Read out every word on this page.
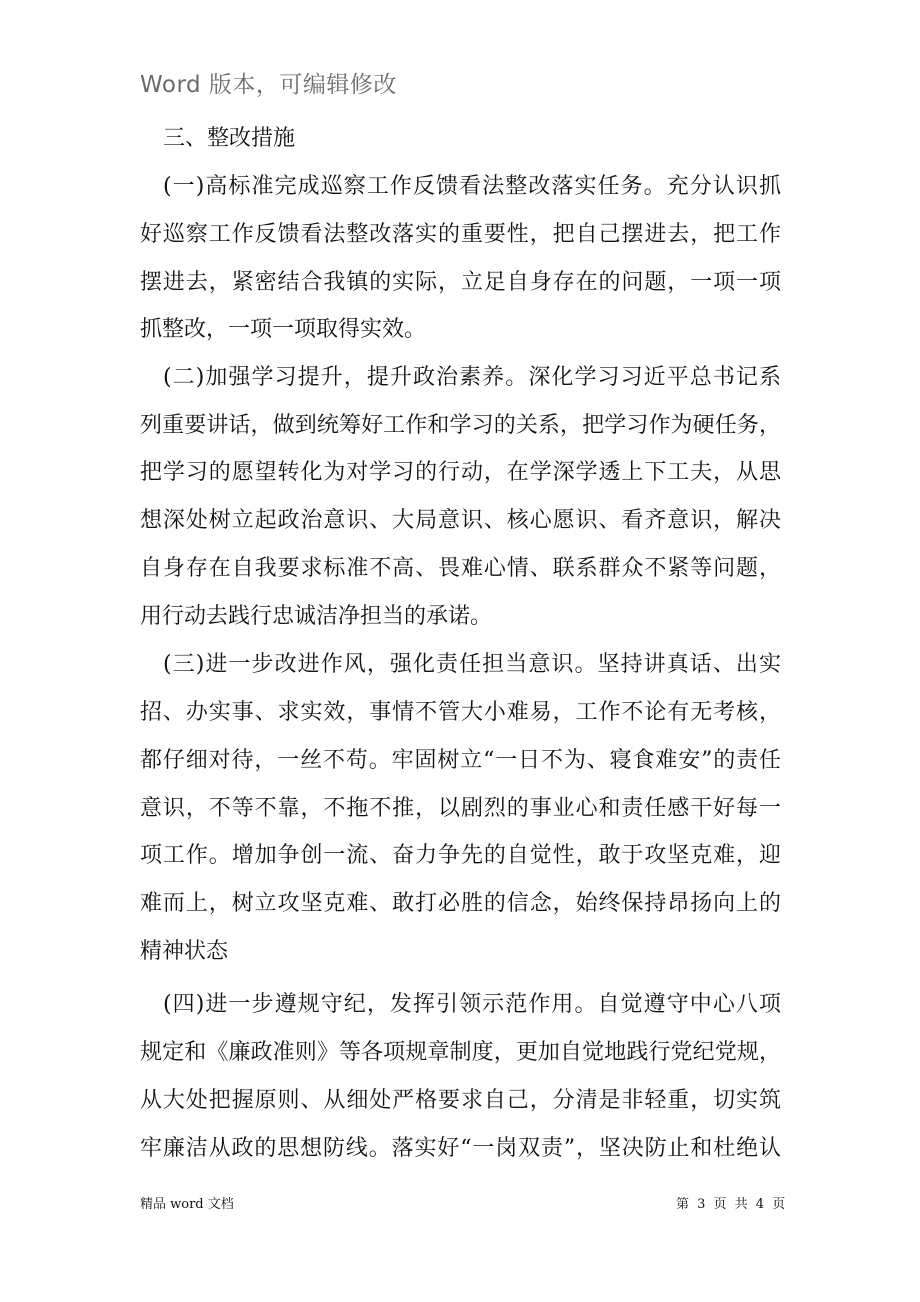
Word 版本，可编辑修改
三、整改措施
(一)高标准完成巡察工作反馈看法整改落实任务。充分认识抓
好巡察工作反馈看法整改落实的重要性，把自己摆进去，把工作
摆进去，紧密结合我镇的实际，立足自身存在的问题，一项一项
抓整改，一项一项取得实效。
(二)加强学习提升，提升政治素养。深化学习习近平总书记系
列重要讲话，做到统筹好工作和学习的关系，把学习作为硬任务，
把学习的愿望转化为对学习的行动，在学深学透上下工夫，从思
想深处树立起政治意识、大局意识、核心愿识、看齐意识，解决
自身存在自我要求标准不高、畏难心情、联系群众不紧等问题，
用行动去践行忠诚洁净担当的承诺。
(三)进一步改进作风，强化责任担当意识。坚持讲真话、出实
招、办实事、求实效，事情不管大小难易，工作不论有无考核，
都仔细对待，一丝不苟。牢固树立“一日不为、寝食难安”的责任
意识，不等不靠，不拖不推，以剧烈的事业心和责任感干好每一
项工作。增加争创一流、奋力争先的自觉性，敢于攻坚克难，迎
难而上，树立攻坚克难、敢打必胜的信念，始终保持昂扬向上的
精神状态
(四)进一步遵规守纪，发挥引领示范作用。自觉遵守中心八项
规定和《廉政准则》等各项规章制度，更加自觉地践行党纪党规，
从大处把握原则、从细处严格要求自己，分清是非轻重，切实筑
牢廉洁从政的思想防线。落实好“一岗双责”，坚决防止和杜绝认
精品 word 文档	第 3 页 共 4 页
